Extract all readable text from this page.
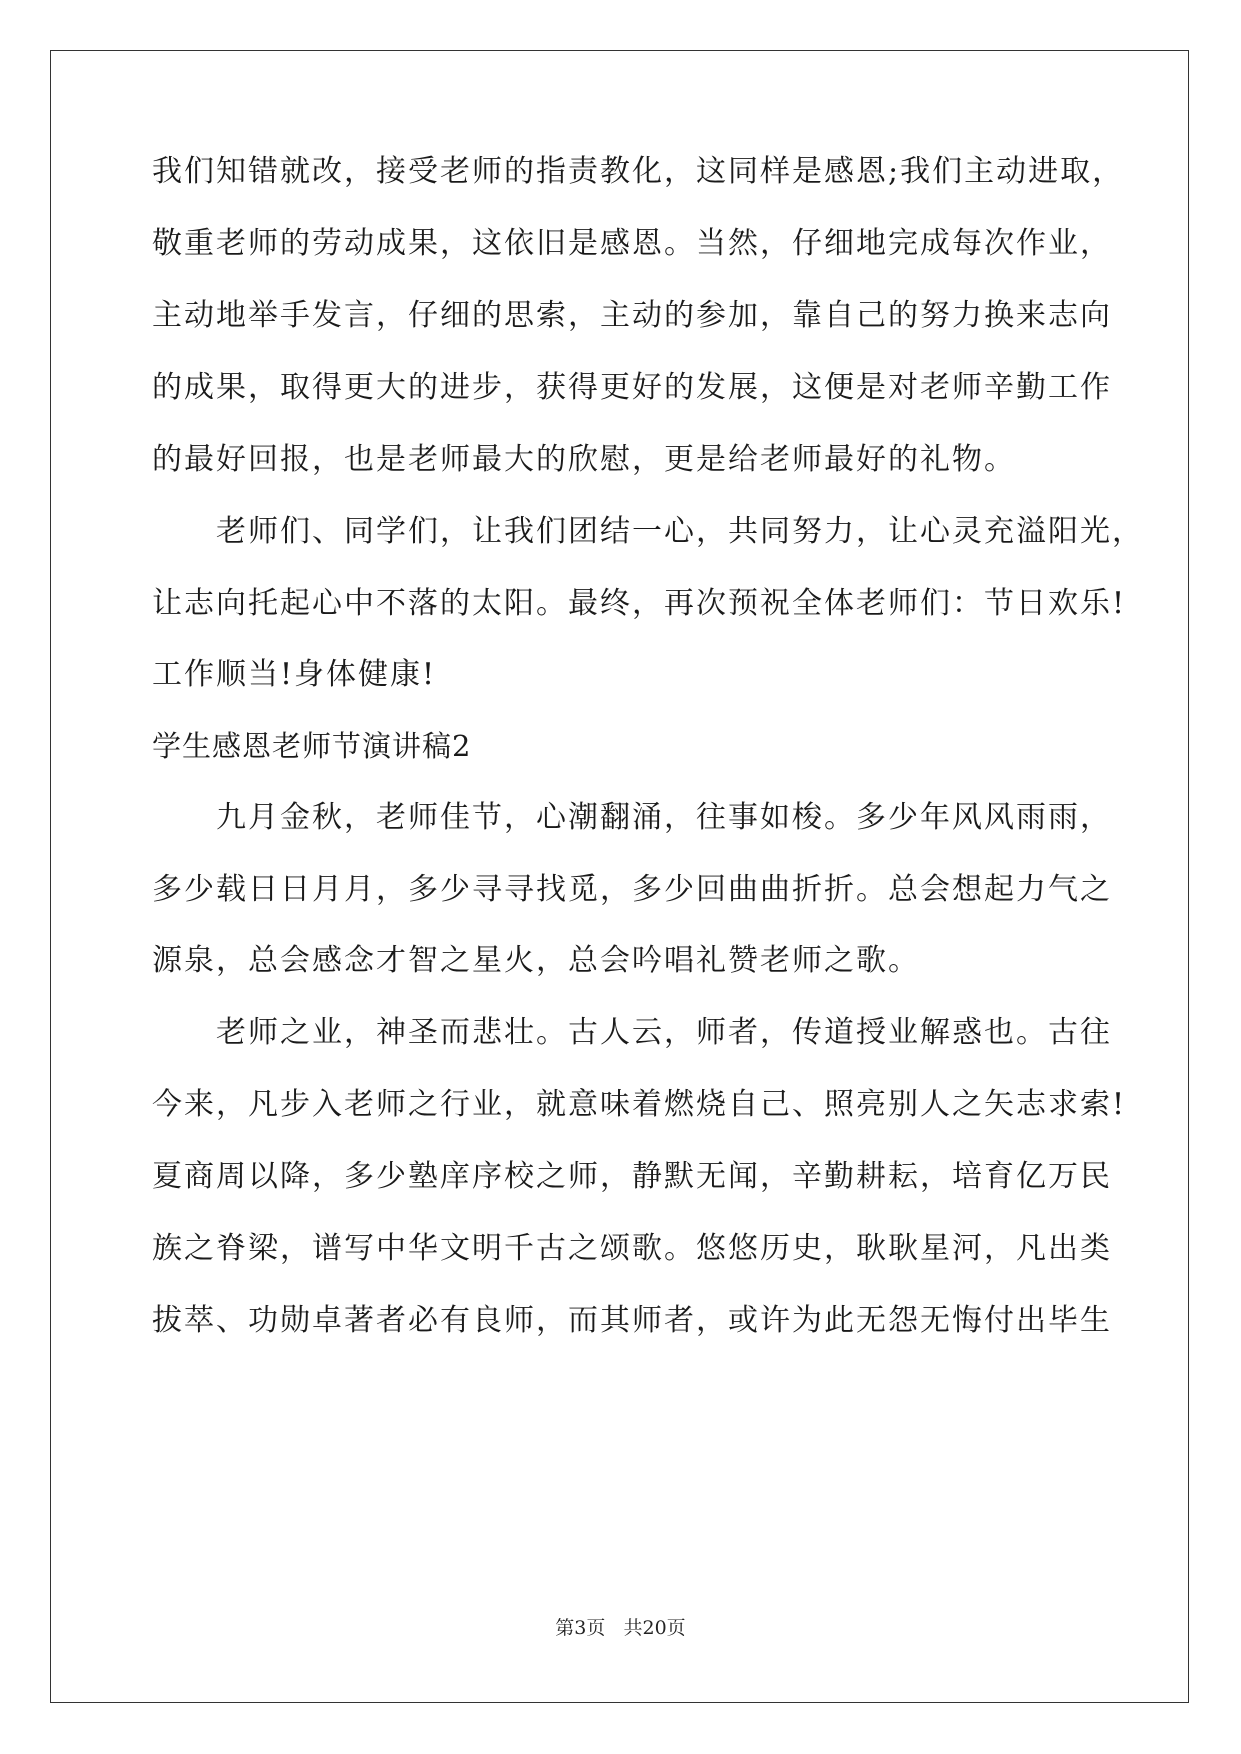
我们知错就改，接受老师的指责教化，这同样是感恩;我们主动进取，
敬重老师的劳动成果，这依旧是感恩。当然，仔细地完成每次作业，
主动地举手发言，仔细的思索，主动的参加，靠自己的努力换来志向
的成果，取得更大的进步，获得更好的发展，这便是对老师辛勤工作
的最好回报，也是老师最大的欣慰，更是给老师最好的礼物。
老师们、同学们，让我们团结一心，共同努力，让心灵充溢阳光，
让志向托起心中不落的太阳。最终，再次预祝全体老师们：节日欢乐!
工作顺当!身体健康!
学生感恩老师节演讲稿2
九月金秋，老师佳节，心潮翻涌，往事如梭。多少年风风雨雨，
多少载日日月月，多少寻寻找觅，多少回曲曲折折。总会想起力气之
源泉，总会感念才智之星火，总会吟唱礼赞老师之歌。
老师之业，神圣而悲壮。古人云，师者，传道授业解惑也。古往
今来，凡步入老师之行业，就意味着燃烧自己、照亮别人之矢志求索!
夏商周以降，多少塾庠序校之师，静默无闻，辛勤耕耘，培育亿万民
族之脊梁，谱写中华文明千古之颂歌。悠悠历史，耿耿星河，凡出类
拔萃、功勋卓著者必有良师，而其师者，或许为此无怨无悔付出毕生
第3页   共20页
